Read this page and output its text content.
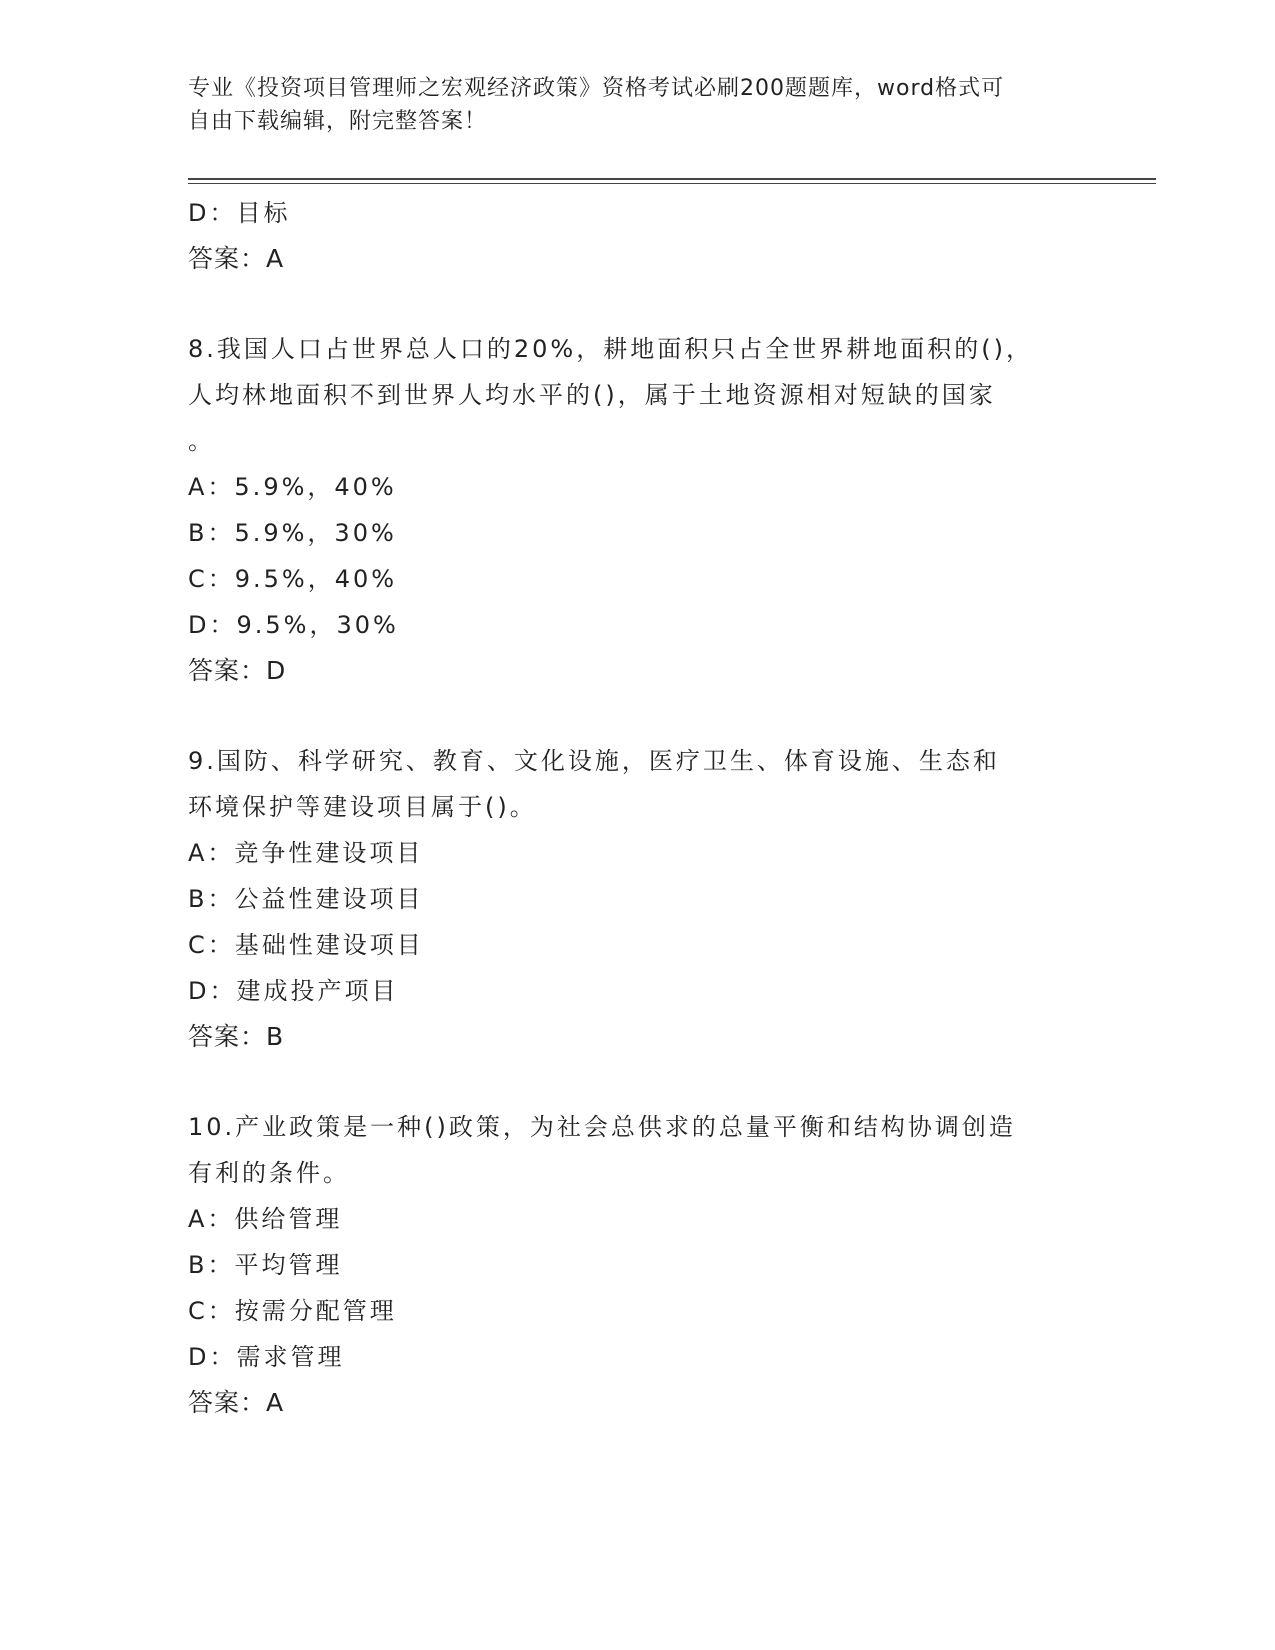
专业《投资项目管理师之宏观经济政策》资格考试必刷200题题库，word格式可
自由下载编辑，附完整答案！
D：目标
答案：A
8.我国人口占世界总人口的20%，耕地面积只占全世界耕地面积的()，
人均林地面积不到世界人均水平的()，属于土地资源相对短缺的国家
。
A：5.9%，40%
B：5.9%，30%
C：9.5%，40%
D：9.5%，30%
答案：D
9.国防、科学研究、教育、文化设施，医疗卫生、体育设施、生态和
环境保护等建设项目属于()。
A：竞争性建设项目
B：公益性建设项目
C：基础性建设项目
D：建成投产项目
答案：B
10.产业政策是一种()政策，为社会总供求的总量平衡和结构协调创造
有利的条件。
A：供给管理
B：平均管理
C：按需分配管理
D：需求管理
答案：A
